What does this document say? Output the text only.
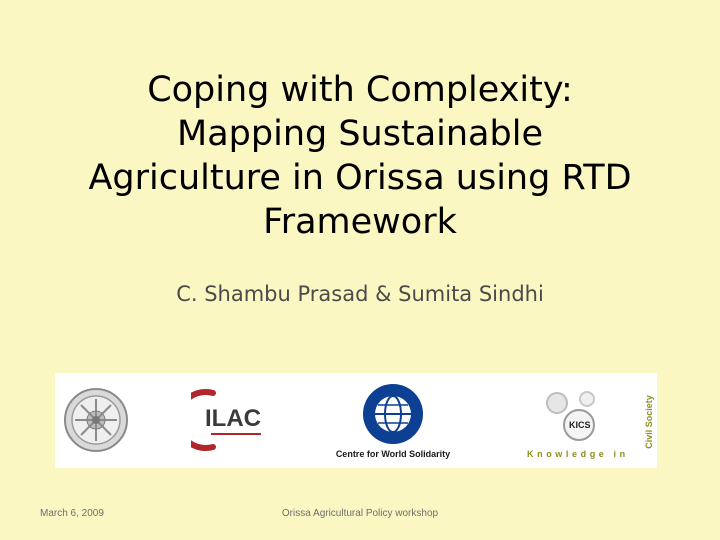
Coping with Complexity:
Mapping Sustainable
Agriculture in Orissa using RTD
Framework
C. Shambu Prasad & Sumita Sindhi
ILAC
Centre for World Solidarity
KICS
Knowledge in
Civil Society
March 6, 2009	Orissa Agricultural Policy workshop
